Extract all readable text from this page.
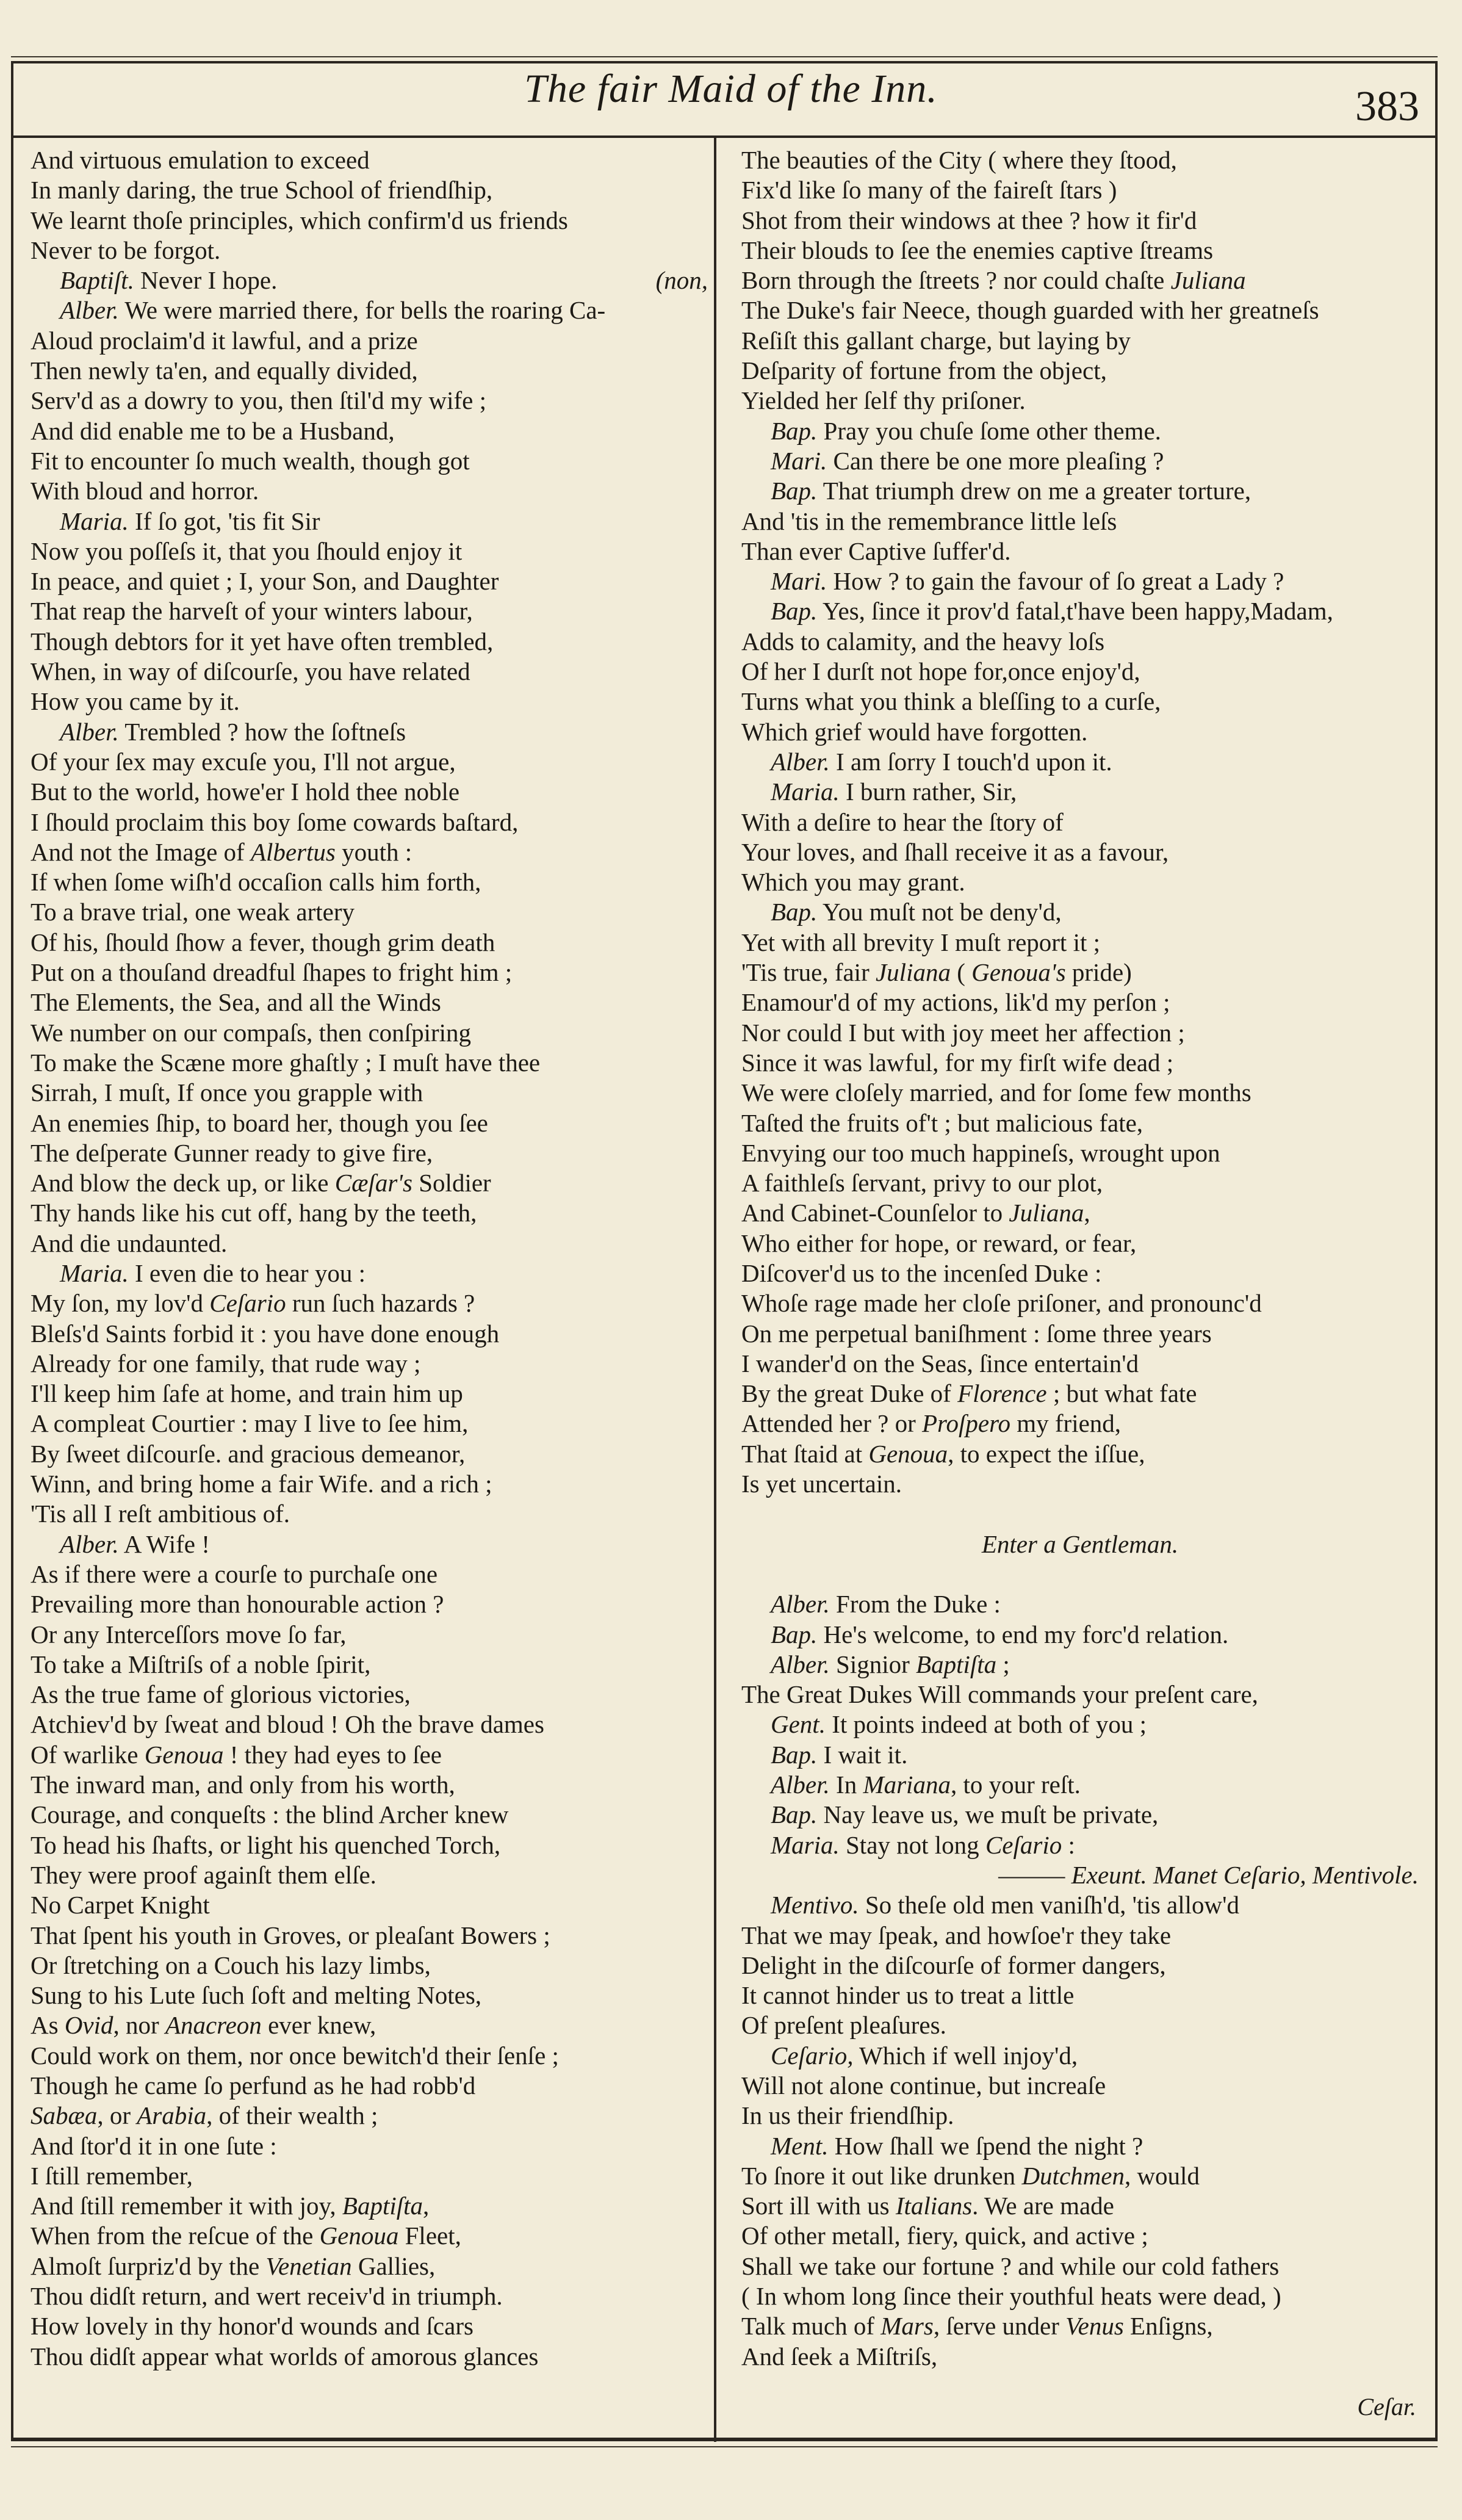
The fair Maid of the Inn.	383
And virtuous emulation to exceed
In manly daring, the true School of friendſhip,
We learnt thoſe principles, which confirm'd us friends
Never to be forgot.
Baptiſt. Never I hope.	(non,
Alber. We were married there, for bells the roaring Ca-
Aloud proclaim'd it lawful, and a prize
Then newly ta'en, and equally divided,
Serv'd as a dowry to you, then ſtil'd my wife ;
And did enable me to be a Husband,
Fit to encounter ſo much wealth, though got
With bloud and horror.
Maria. If ſo got, 'tis fit Sir
Now you poſſeſs it, that you ſhould enjoy it
In peace, and quiet ; I, your Son, and Daughter
That reap the harveſt of your winters labour,
Though debtors for it yet have often trembled,
When, in way of diſcourſe, you have related
How you came by it.
Alber. Trembled ? how the ſoftneſs
Of your ſex may excuſe you, I'll not argue,
But to the world, howe'er I hold thee noble
I ſhould proclaim this boy ſome cowards baſtard,
And not the Image of Albertus youth :
If when ſome wiſh'd occaſion calls him forth,
To a brave trial, one weak artery
Of his, ſhould ſhow a fever, though grim death
Put on a thouſand dreadful ſhapes to fright him ;
The Elements, the Sea, and all the Winds
We number on our compaſs, then conſpiring
To make the Scæne more ghaſtly ; I muſt have thee
Sirrah, I muſt, If once you grapple with
An enemies ſhip, to board her, though you ſee
The deſperate Gunner ready to give fire,
And blow the deck up, or like Cæſar's Soldier
Thy hands like his cut off, hang by the teeth,
And die undaunted.
Maria. I even die to hear you :
My ſon, my lov'd Ceſario run ſuch hazards ?
Bleſs'd Saints forbid it : you have done enough
Already for one family, that rude way ;
I'll keep him ſafe at home, and train him up
A compleat Courtier : may I live to ſee him,
By ſweet diſcourſe. and gracious demeanor,
Winn, and bring home a fair Wife. and a rich ;
'Tis all I reſt ambitious of.
Alber. A Wife !
As if there were a courſe to purchaſe one
Prevailing more than honourable action ?
Or any Interceſſors move ſo far,
To take a Miſtriſs of a noble ſpirit,
As the true fame of glorious victories,
Atchiev'd by ſweat and bloud ! Oh the brave dames
Of warlike Genoua ! they had eyes to ſee
The inward man, and only from his worth,
Courage, and conqueſts : the blind Archer knew
To head his ſhafts, or light his quenched Torch,
They were proof againſt them elſe.
No Carpet Knight
That ſpent his youth in Groves, or pleaſant Bowers ;
Or ſtretching on a Couch his lazy limbs,
Sung to his Lute ſuch ſoft and melting Notes,
As Ovid, nor Anacreon ever knew,
Could work on them, nor once bewitch'd their ſenſe ;
Though he came ſo perfund as he had robb'd
Sabæa, or Arabia, of their wealth ;
And ſtor'd it in one ſute :
I ſtill remember,
And ſtill remember it with joy, Baptiſta,
When from the reſcue of the Genoua Fleet,
Almoſt ſurpriz'd by the Venetian Gallies,
Thou didſt return, and wert receiv'd in triumph.
How lovely in thy honor'd wounds and ſcars
Thou didſt appear what worlds of amorous glances
The beauties of the City ( where they ſtood,
Fix'd like ſo many of the faireſt ſtars )
Shot from their windows at thee ? how it fir'd
Their blouds to ſee the enemies captive ſtreams
Born through the ſtreets ? nor could chaſte Juliana
The Duke's fair Neece, though guarded with her greatneſs
Reſiſt this gallant charge, but laying by
Deſparity of fortune from the object,
Yielded her ſelf thy priſoner.
Bap. Pray you chuſe ſome other theme.
Mari. Can there be one more pleaſing ?
Bap. That triumph drew on me a greater torture,
And 'tis in the remembrance little leſs
Than ever Captive ſuffer'd.
Mari. How ? to gain the favour of ſo great a Lady ?
Bap. Yes, ſince it prov'd fatal,t'have been happy,Madam,
Adds to calamity, and the heavy loſs
Of her I durſt not hope for,once enjoy'd,
Turns what you think a bleſſing to a curſe,
Which grief would have forgotten.
Alber. I am ſorry I touch'd upon it.
Maria. I burn rather, Sir,
With a deſire to hear the ſtory of
Your loves, and ſhall receive it as a favour,
Which you may grant.
Bap. You muſt not be deny'd,
Yet with all brevity I muſt report it ;
'Tis true, fair Juliana ( Genoua's pride)
Enamour'd of my actions, lik'd my perſon ;
Nor could I but with joy meet her affection ;
Since it was lawful, for my firſt wife dead ;
We were cloſely married, and for ſome few months
Taſted the fruits of't ; but malicious fate,
Envying our too much happineſs, wrought upon
A faithleſs ſervant, privy to our plot,
And Cabinet-Counſelor to Juliana,
Who either for hope, or reward, or fear,
Diſcover'd us to the incenſed Duke :
Whoſe rage made her cloſe priſoner, and pronounc'd
On me perpetual baniſhment : ſome three years
I wander'd on the Seas, ſince entertain'd
By the great Duke of Florence ; but what fate
Attended her ? or Proſpero my friend,
That ſtaid at Genoua, to expect the iſſue,
Is yet uncertain.
Enter a Gentleman.
Alber. From the Duke :
Bap. He's welcome, to end my forc'd relation.
Alber. Signior Baptiſta ;
The Great Dukes Will commands your preſent care,
Gent. It points indeed at both of you ;
Bap. I wait it.
Alber. In Mariana, to your reſt.
Bap. Nay leave us, we muſt be private,
Maria. Stay not long Ceſario :
——— Exeunt. Manet Ceſario, Mentivole.
Mentivo. So theſe old men vaniſh'd, 'tis allow'd
That we may ſpeak, and howſoe'r they take
Delight in the diſcourſe of former dangers,
It cannot hinder us to treat a little
Of preſent pleaſures.
Ceſario, Which if well injoy'd,
Will not alone continue, but increaſe
In us their friendſhip.
Ment. How ſhall we ſpend the night ?
To ſnore it out like drunken Dutchmen, would
Sort ill with us Italians. We are made
Of other metall, fiery, quick, and active ;
Shall we take our fortune ? and while our cold fathers
( In whom long ſince their youthful heats were dead, )
Talk much of Mars, ſerve under Venus Enſigns,
And ſeek a Miſtriſs,
Ceſar.
